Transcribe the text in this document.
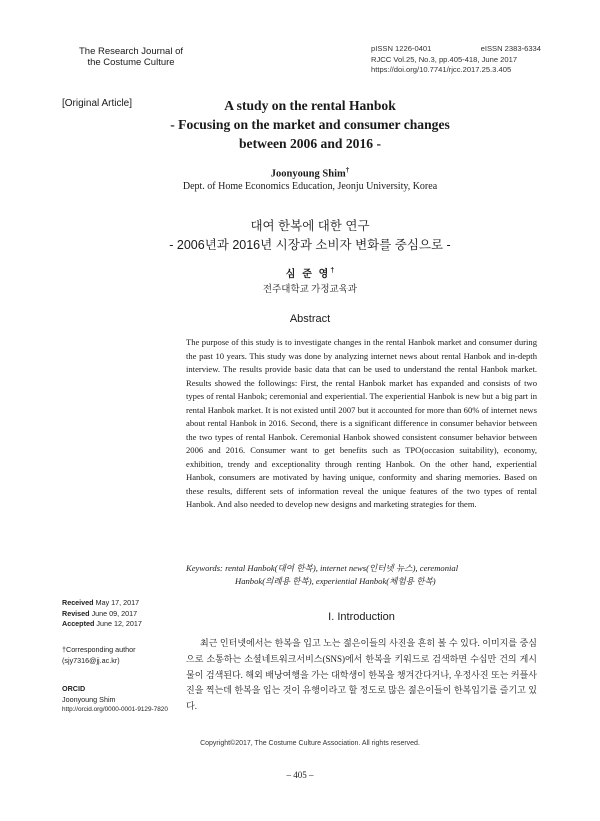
The Research Journal of
the Costume Culture
pISSN 1226-0401	eISSN 2383-6334
RJCC Vol.25, No.3, pp.405-418, June 2017
https://doi.org/10.7741/rjcc.2017.25.3.405
[Original Article]	A study on the rental Hanbok
- Focusing on the market and consumer changes
between 2006 and 2016 -
Joonyoung Shim†
Dept. of Home Economics Education, Jeonju University, Korea
대여 한복에 대한 연구
- 2006년과 2016년 시장과 소비자 변화를 중심으로 -
심 준 영†
전주대학교 가정교육과
Abstract
The purpose of this study is to investigate changes in the rental Hanbok market and consumer during the past 10 years. This study was done by analyzing internet news about rental Hanbok and in-depth interview. The results provide basic data that can be used to understand the rental Hanbok market. Results showed the followings: First, the rental Hanbok market has expanded and consists of two types of rental Hanbok; ceremonial and experiential. The experiential Hanbok is new but a big part in rental Hanbok market. It is not existed until 2007 but it accounted for more than 60% of internet news about rental Hanbok in 2016. Second, there is a significant difference in consumer behavior between the two types of rental Hanbok. Ceremonial Hanbok showed consistent consumer behavior between 2006 and 2016. Consumer want to get benefits such as TPO(occasion suitability), economy, exhibition, trendy and exceptionality through renting Hanbok. On the other hand, experiential Hanbok, consumers are motivated by having unique, conformity and sharing memories. Based on these results, different sets of information reveal the unique features of the two types of rental Hanbok. And also needed to develop new designs and marketing strategies for them.
Keywords: rental Hanbok(대여 한복), internet news(인터넷 뉴스), ceremonial
Hanbok(의례용 한복), experiential Hanbok(체험용 한복)
Received May 17, 2017
Revised June 09, 2017
Accepted June 12, 2017
†Corresponding author
(sjy7316@jj.ac.kr)
ORCID
Joonyoung Shim
http://orcid.org/0000-0001-9129-7820
I. Introduction
최근 인터넷에서는 한복을 입고 노는 젊은이들의 사진을 흔히 볼 수 있다. 이미지를 중심으로 소통하는 소셜네트워크서비스(SNS)에서 한복을 키워드로 검색하면 수십만 건의 게시물이 검색된다. 해외 배낭여행을 가는 대학생이 한복을 챙겨간다거나, 우정사진 또는 커플사진을 찍는데 한복을 입는 것이 유행이라고 할 정도로 많은 젊은이들이 한복입기를 즐기고 있다.
Copyright©2017, The Costume Culture Association. All rights reserved.
– 405 –
